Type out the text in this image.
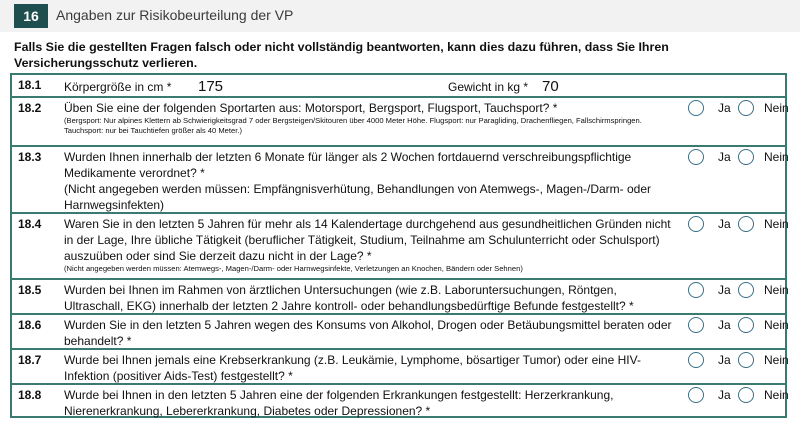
16	Angaben zur Risikobeurteilung der VP
Falls Sie die gestellten Fragen falsch oder nicht vollständig beantworten, kann dies dazu führen, dass Sie Ihren Versicherungsschutz verlieren.
18.1 Körpergröße in cm * 175	Gewicht in kg * 70
18.2 Üben Sie eine der folgenden Sportarten aus: Motorsport, Bergsport, Flugsport, Tauchsport? *
(Bergsport: Nur alpines Klettern ab Schwierigkeitsgrad 7 oder Bergsteigen/Skitouren über 4000 Meter Höhe. Flugsport: nur Paragliding, Drachenfliegen, Fallschirmspringen. Tauchsport: nur bei Tauchtiefen größer als 40 Meter.)
Ja	Nein
18.3 Wurden Ihnen innerhalb der letzten 6 Monate für länger als 2 Wochen fortdauernd verschreibungspflichtige Medikamente verordnet? *
(Nicht angegeben werden müssen: Empfängnisverhütung, Behandlungen von Atemwegs-, Magen-/Darm- oder Harnwegsinfekten)
Ja	Nein
18.4 Waren Sie in den letzten 5 Jahren für mehr als 14 Kalendertage durchgehend aus gesundheitlichen Gründen nicht in der Lage, Ihre übliche Tätigkeit (beruflicher Tätigkeit, Studium, Teilnahme am Schulunterricht oder Schulsport) auszuüben oder sind Sie derzeit dazu nicht in der Lage? *
(Nicht angegeben werden müssen: Atemwegs-, Magen-/Darm- oder Harnwegsinfekte, Verletzungen an Knochen, Bändern oder Sehnen)
Ja	Nein
18.5 Wurden bei Ihnen im Rahmen von ärztlichen Untersuchungen (wie z.B. Laboruntersuchungen, Röntgen, Ultraschall, EKG) innerhalb der letzten 2 Jahre kontroll- oder behandlungsbedürftige Befunde festgestellt? *
Ja	Nein
18.6 Wurden Sie in den letzten 5 Jahren wegen des Konsums von Alkohol, Drogen oder Betäubungsmittel beraten oder behandelt? *
Ja	Nein
18.7 Wurde bei Ihnen jemals eine Krebserkrankung (z.B. Leukämie, Lymphome, bösartiger Tumor) oder eine HIV-Infektion (positiver Aids-Test) festgestellt? *
Ja	Nein
18.8 Wurde bei Ihnen in den letzten 5 Jahren eine der folgenden Erkrankungen festgestellt: Herzerkrankung, Nierenerkrankung, Lebererkrankung, Diabetes oder Depressionen? *
Ja	Nein
